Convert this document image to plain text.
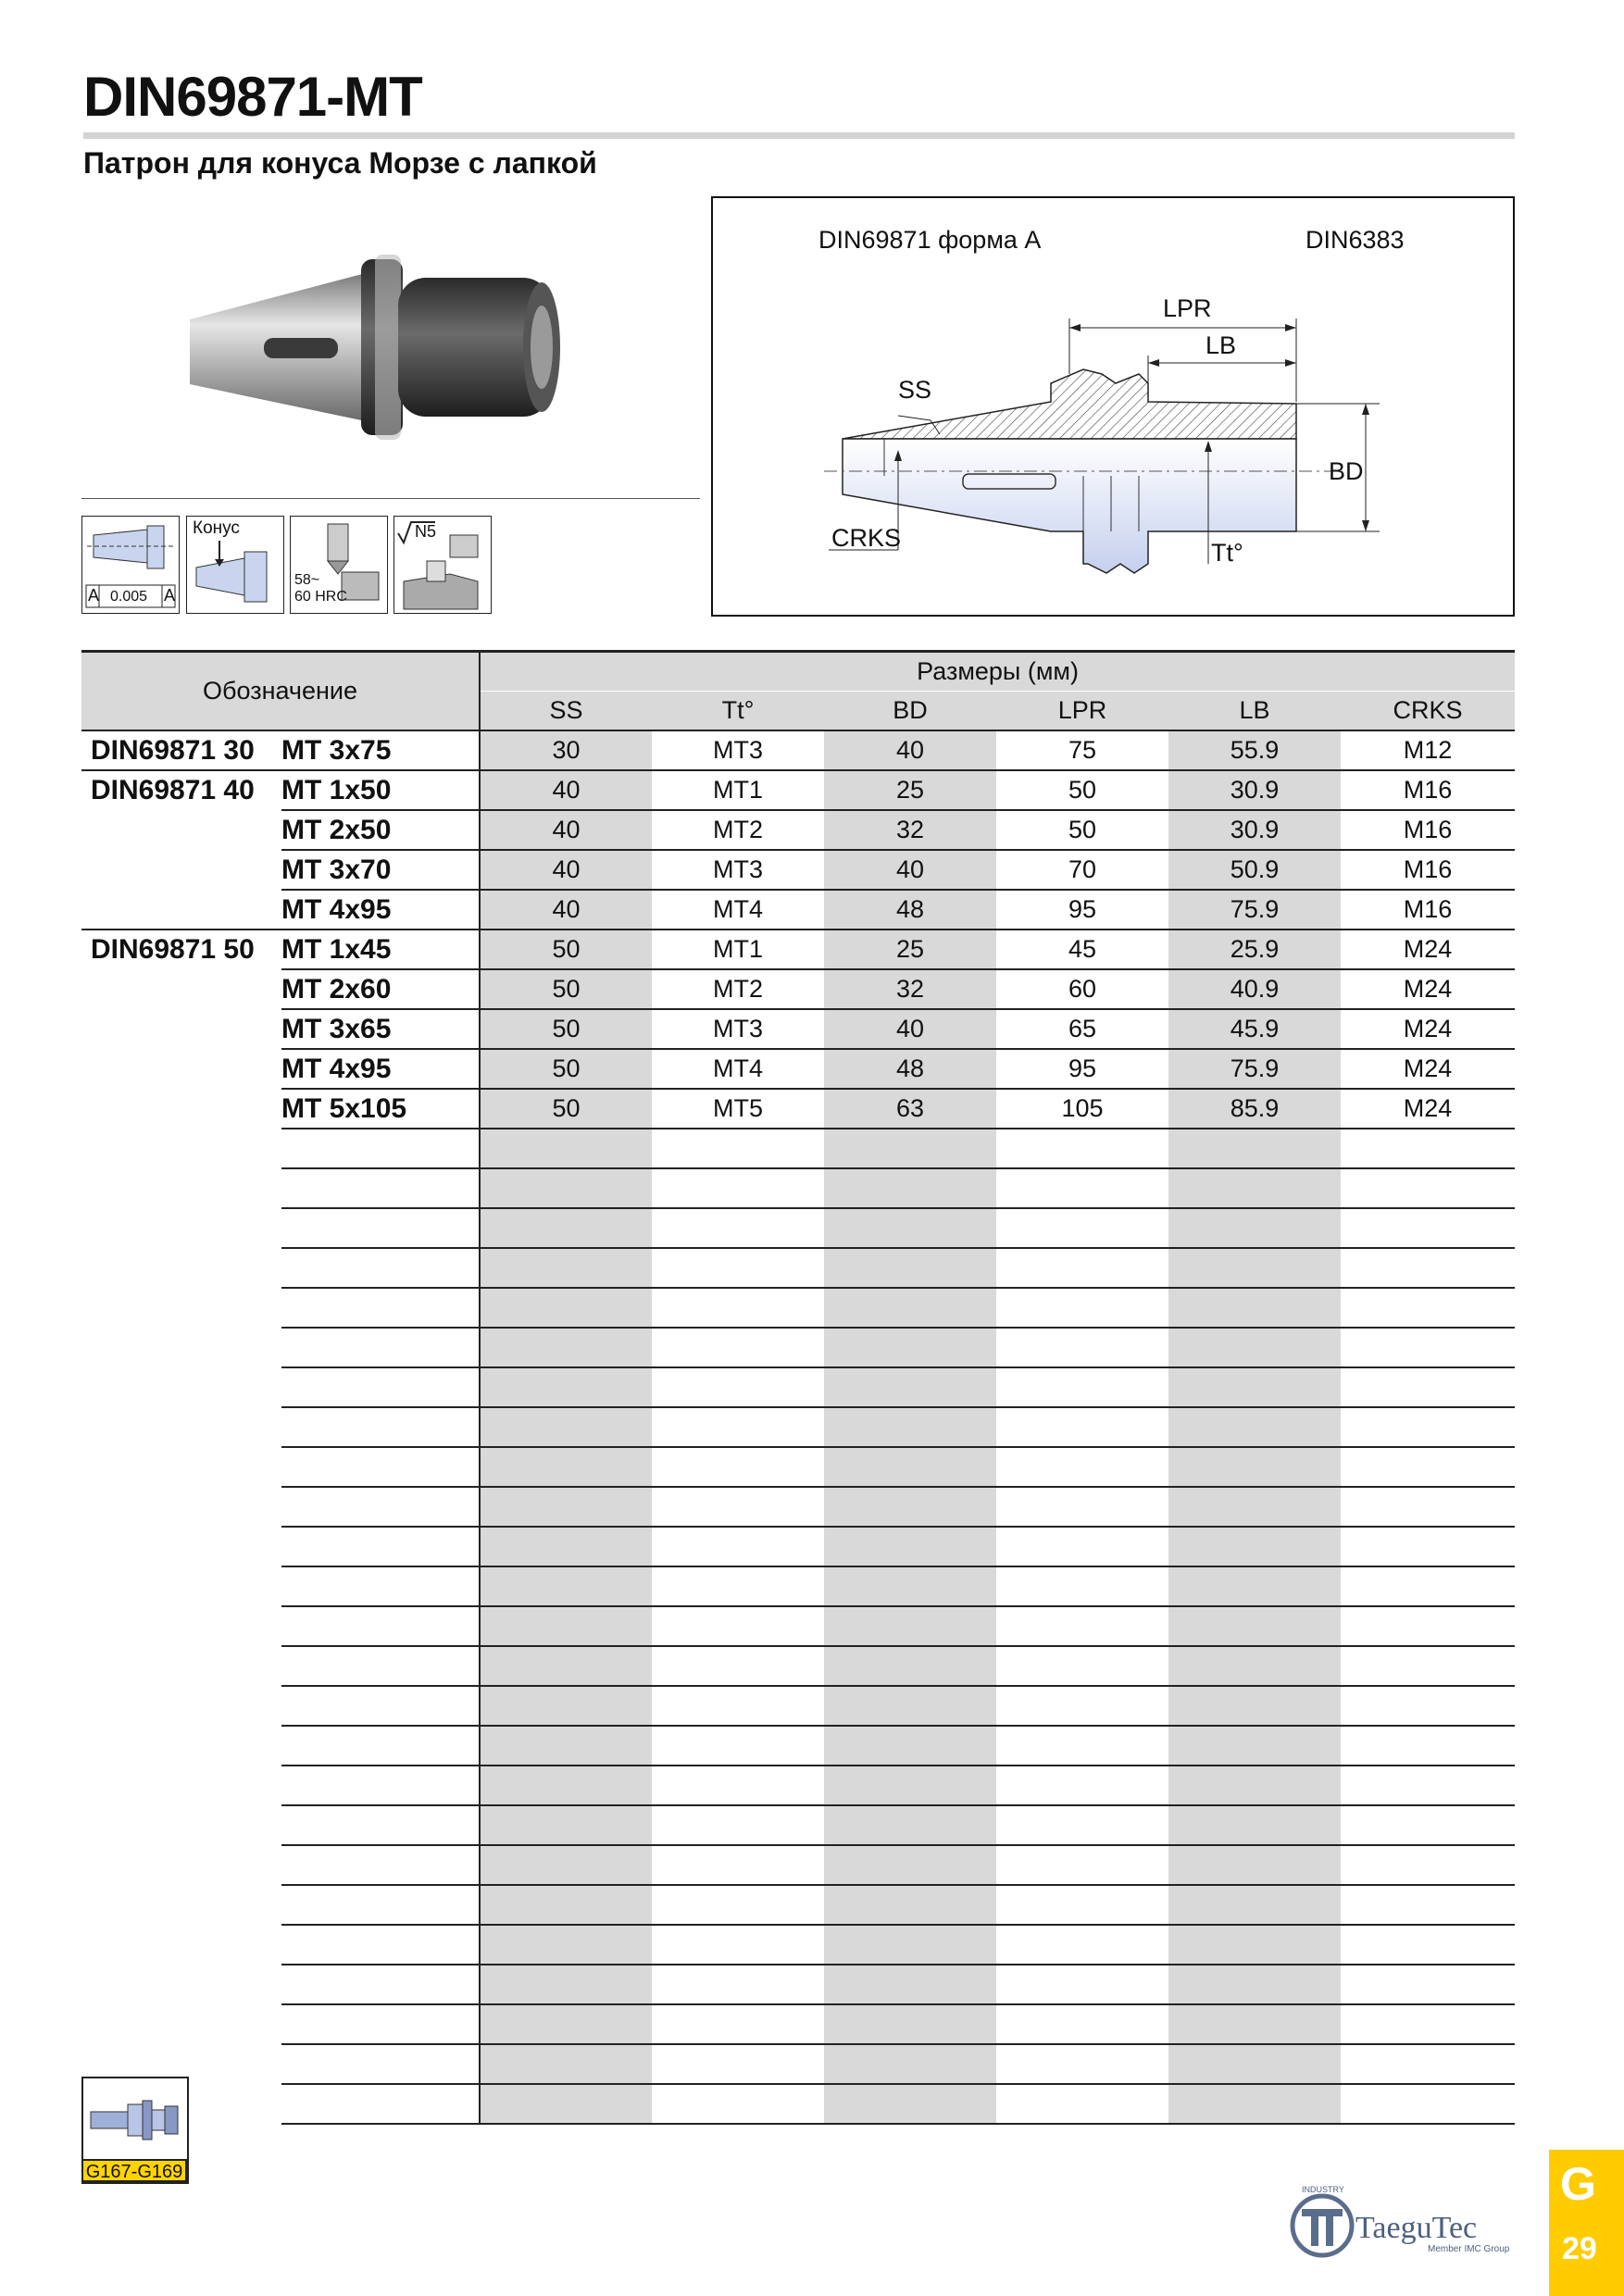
DIN69871-MT
Патрон для конуса Морзе с лапкой
A 0.005 A
Конус
58~
60 HRC
N5
DIN69871 форма A	DIN6383
LPR
LB
SS
BD
CRKS
Tt°
Обозначение		Размеры (мм)					
		SS	Tt°	BD	LPR	LB	CRKS
DIN69871 30	MT 3x75	30	MT3	40	75	55.9	M12
DIN69871 40	MT 1x50	40	MT1	25	50	30.9	M16
	MT 2x50	40	MT2	32	50	30.9	M16
	MT 3x70	40	MT3	40	70	50.9	M16
	MT 4x95	40	MT4	48	95	75.9	M16
DIN69871 50	MT 1x45	50	MT1	25	45	25.9	M24
	MT 2x60	50	MT2	32	60	40.9	M24
	MT 3x65	50	MT3	40	65	45.9	M24
	MT 4x95	50	MT4	48	95	75.9	M24
	MT 5x105	50	MT5	63	105	85.9	M24

G167-G169
TaeguTec
Member IMC Group
INDUSTRY	G
29
